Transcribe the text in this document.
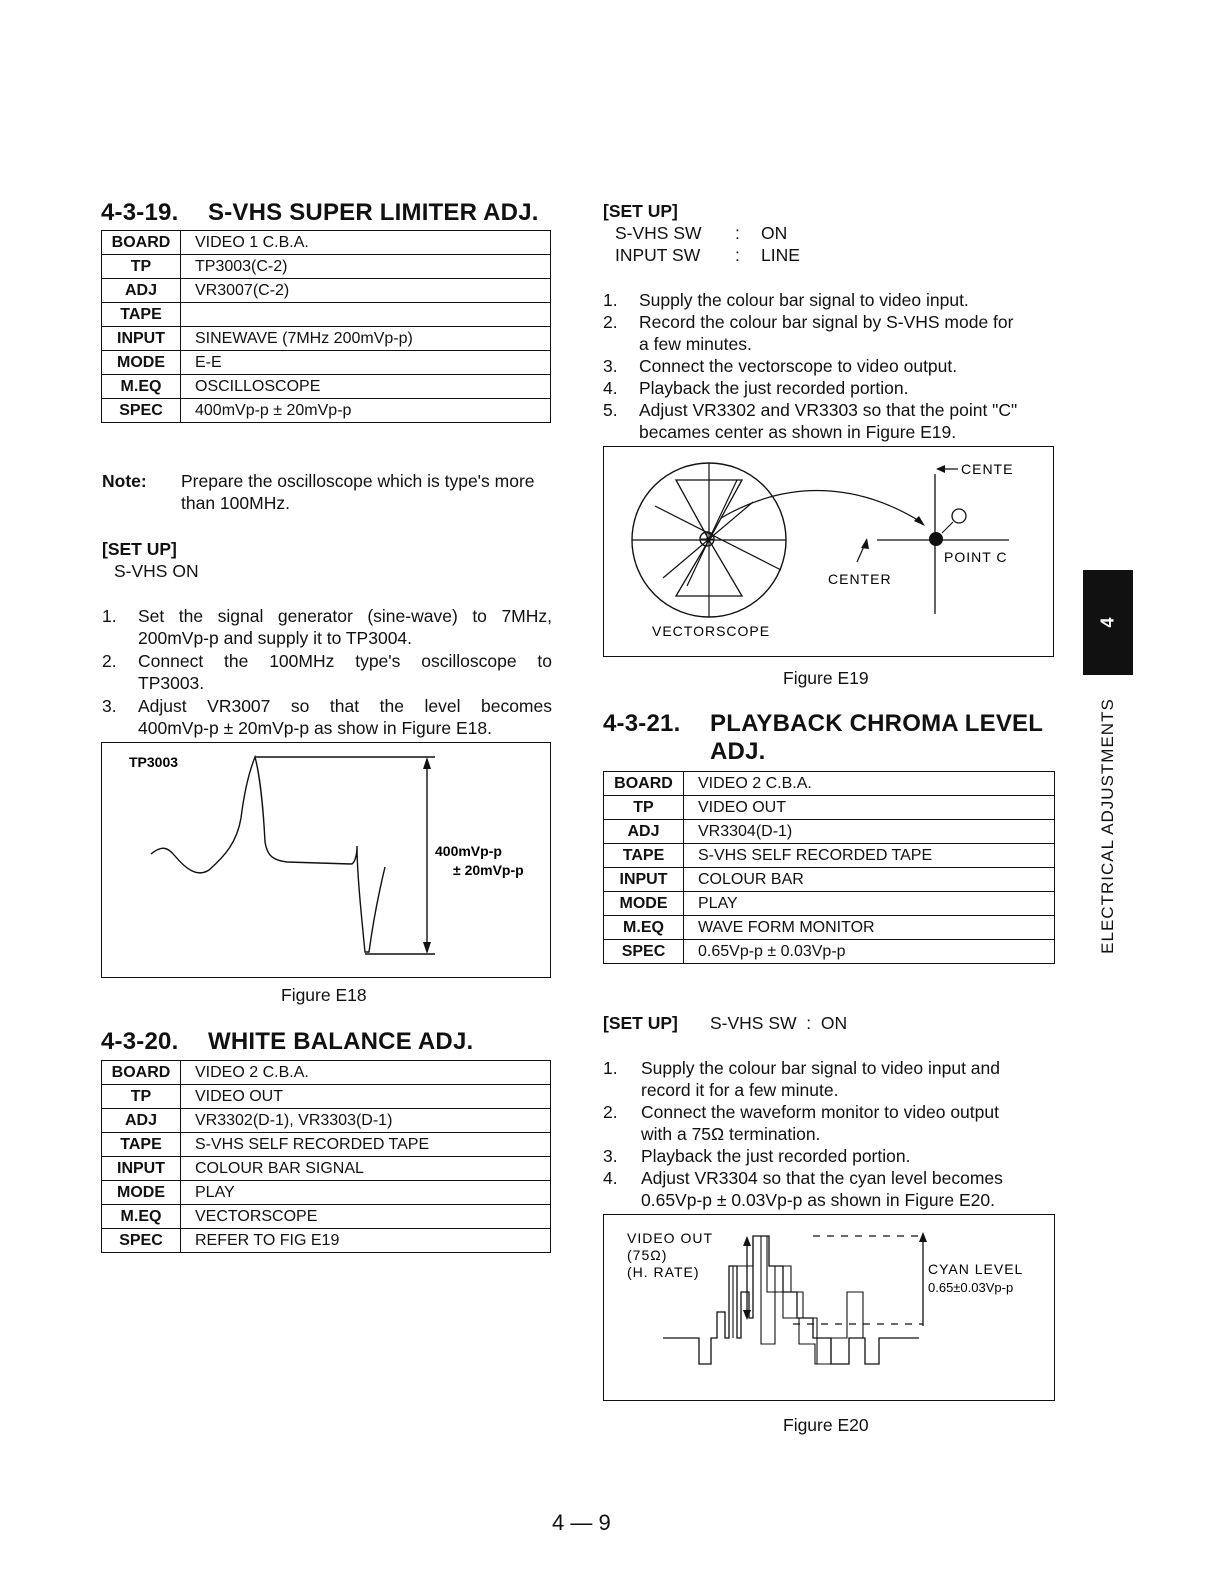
4-3-19. S-VHS SUPER LIMITER ADJ.
BOARD	VIDEO 1 C.B.A.
TP	TP3003(C-2)
ADJ	VR3007(C-2)
TAPE	
INPUT	SINEWAVE (7MHz 200mVp-p)
MODE	E-E
M.EQ	OSCILLOSCOPE
SPEC	400mVp-p ± 20mVp-p
Note: Prepare the oscilloscope which is type's more
than 100MHz.
[SET UP]
S-VHS ON
1. Set the signal generator (sine-wave) to 7MHz,
200mVp-p and supply it to TP3004.
2. Connect the 100MHz type's oscilloscope to
TP3003.
3. Adjust VR3007 so that the level becomes
400mVp-p ± 20mVp-p as show in Figure E18.
TP3003
400mVp-p
± 20mVp-p
Figure E18
4-3-20. WHITE BALANCE ADJ.
BOARD	VIDEO 2 C.B.A.
TP	VIDEO OUT
ADJ	VR3302(D-1), VR3303(D-1)
TAPE	S-VHS SELF RECORDED TAPE
INPUT	COLOUR BAR SIGNAL
MODE	PLAY
M.EQ	VECTORSCOPE
SPEC	REFER TO FIG E19
[SET UP]
S-VHS SW : ON
INPUT SW : LINE
1. Supply the colour bar signal to video input.
2. Record the colour bar signal by S-VHS mode for
a few minutes.
3. Connect the vectorscope to video output.
4. Playback the just recorded portion.
5. Adjust VR3302 and VR3303 so that the point "C"
becames center as shown in Figure E19.
CENTE
POINT C
CENTER
VECTORSCOPE
Figure E19
4-3-21. PLAYBACK CHROMA LEVEL
ADJ.
BOARD	VIDEO 2 C.B.A.
TP	VIDEO OUT
ADJ	VR3304(D-1)
TAPE	S-VHS SELF RECORDED TAPE
INPUT	COLOUR BAR
MODE	PLAY
M.EQ	WAVE FORM MONITOR
SPEC	0.65Vp-p ± 0.03Vp-p
[SET UP] S-VHS SW  :  ON
1. Supply the colour bar signal to video input and
record it for a few minute.
2. Connect the waveform monitor to video output
with a 75Ω termination.
3. Playback the just recorded portion.
4. Adjust VR3304 so that the cyan level becomes
0.65Vp-p ± 0.03Vp-p as shown in Figure E20.
VIDEO OUT
(75Ω)
(H. RATE)	CYAN LEVEL
0.65±0.03Vp-p
Figure E20
4
ELECTRICAL ADJUSTMENTS
4 — 9
